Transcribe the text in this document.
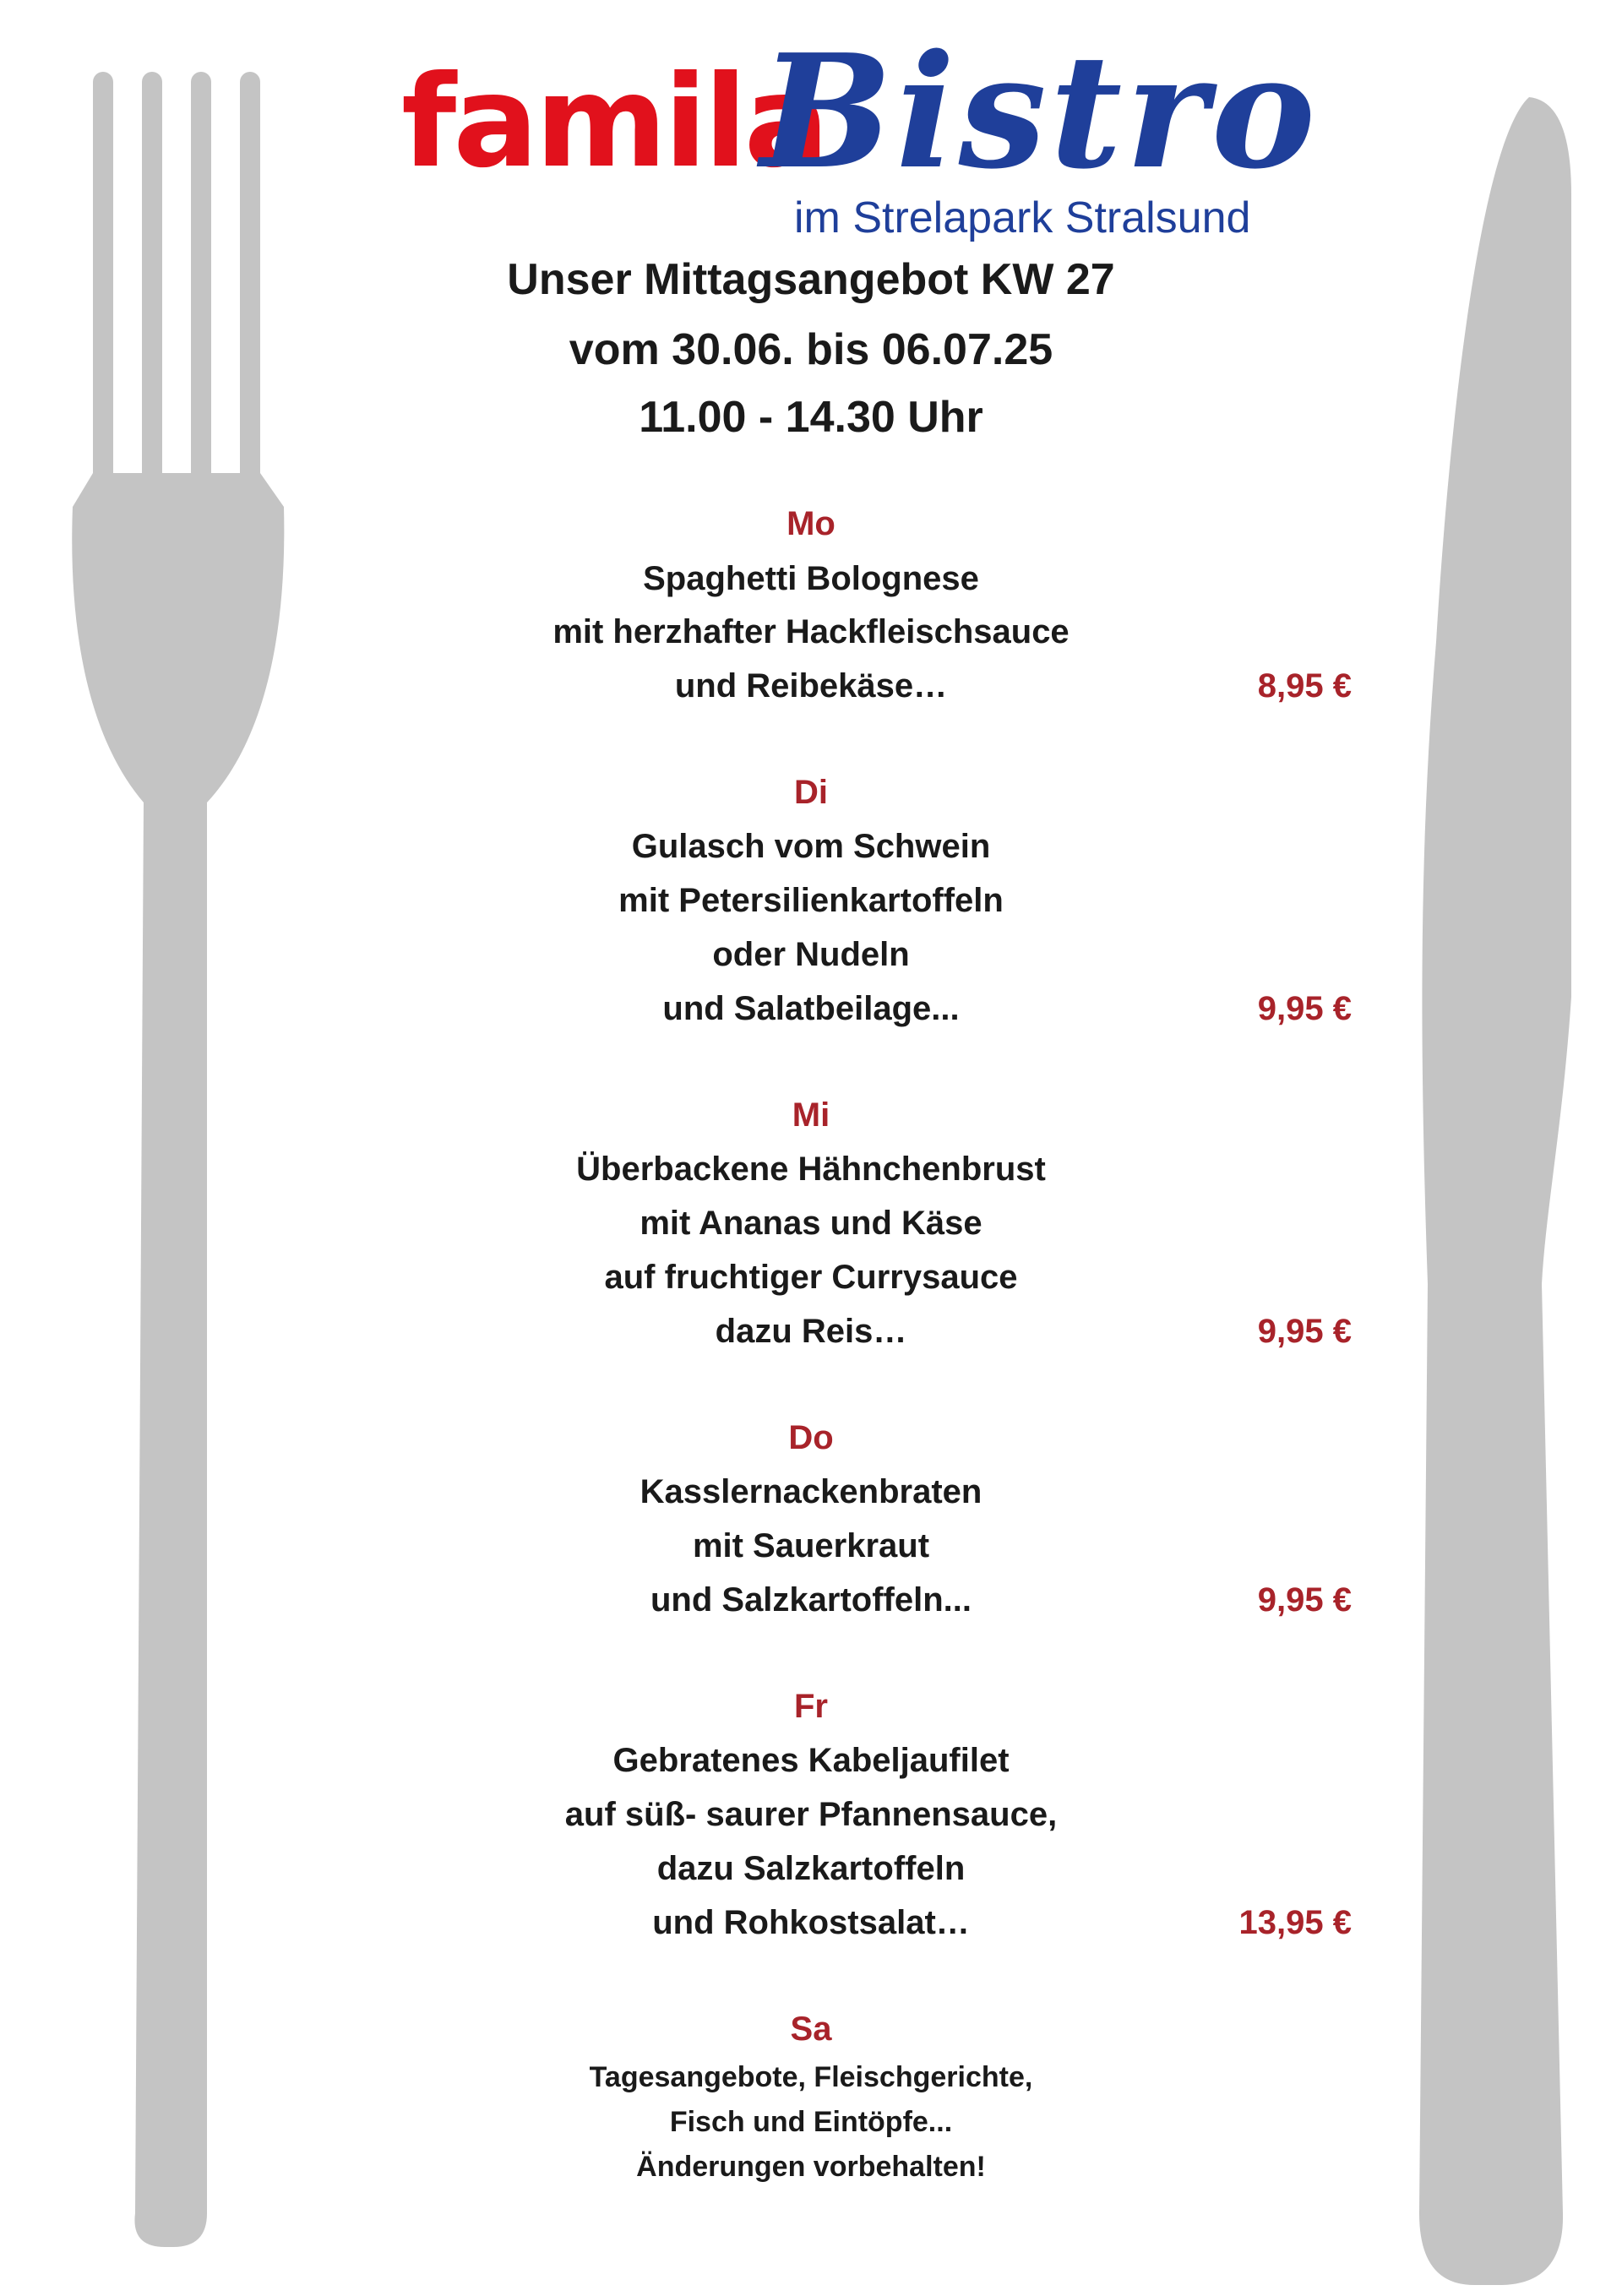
famila
Bistro
im Strelapark Stralsund
Unser Mittagsangebot KW 27
vom 30.06. bis 06.07.25
11.00 - 14.30 Uhr
Mo
Spaghetti Bolognese
mit herzhafter Hackfleischsauce
und Reibekäse…	8,95 €
Di
Gulasch vom Schwein
mit Petersilienkartoffeln
oder Nudeln
und Salatbeilage...	9,95 €
Mi
Überbackene Hähnchenbrust
mit Ananas und Käse
auf fruchtiger Currysauce
dazu Reis…	9,95 €
Do
Kasslernackenbraten
mit Sauerkraut
und Salzkartoffeln...	9,95 €
Fr
Gebratenes Kabeljaufilet
auf süß- saurer Pfannensauce,
dazu Salzkartoffeln
und Rohkostsalat…	13,95 €
Sa
Tagesangebote, Fleischgerichte,
Fisch und Eintöpfe...
Änderungen vorbehalten!
